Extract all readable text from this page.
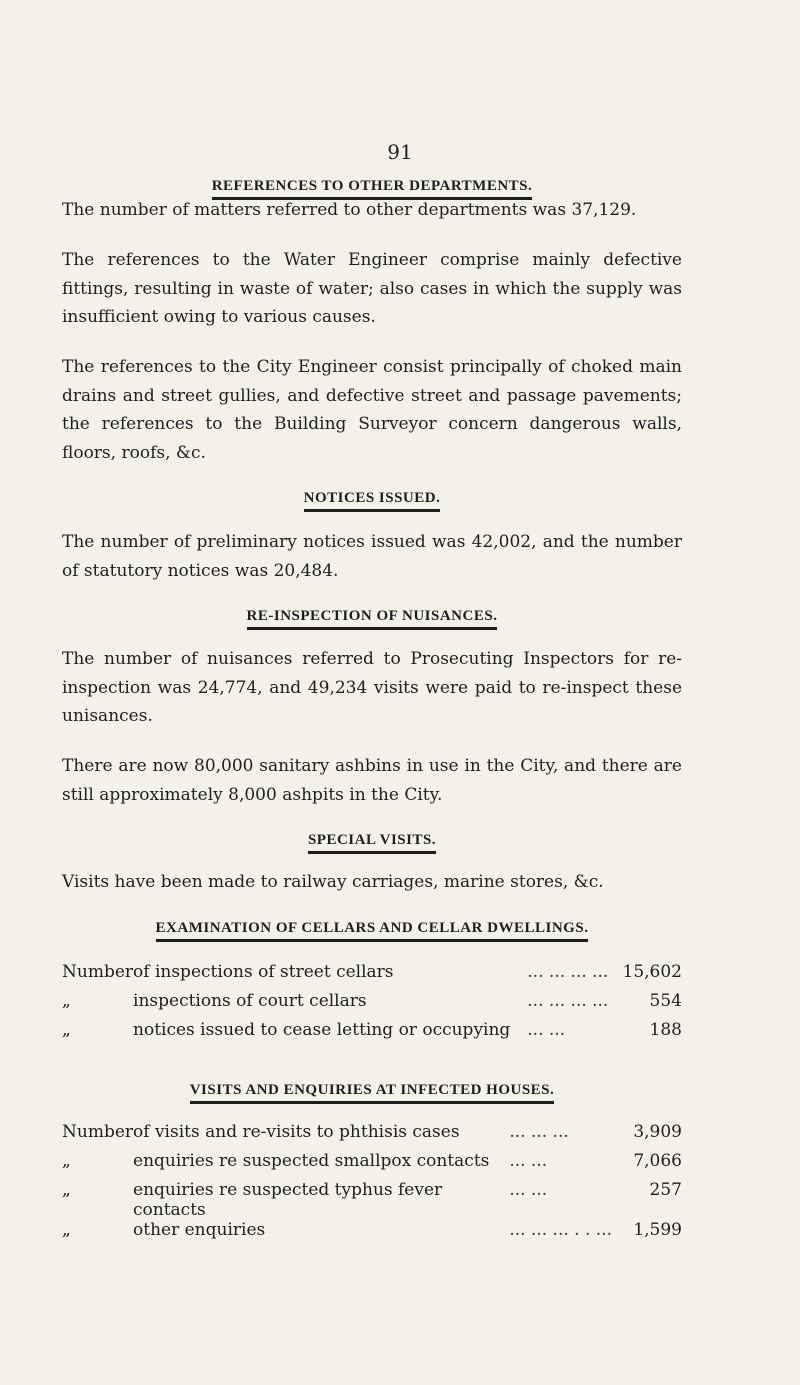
91
REFERENCES TO OTHER DEPARTMENTS.

The number of matters referred to other departments was 37,129.

The references to the Water Engineer comprise mainly defective fittings, resulting in waste of water; also cases in which the supply was insufficient owing to various causes.

The references to the City Engineer consist principally of choked main drains and street gullies, and defective street and passage pavements; the references to the Building Surveyor concern dangerous walls, floors, roofs, &c.

NOTICES ISSUED.

The number of preliminary notices issued was 42,002, and the number of statutory notices was 20,484.

RE-INSPECTION OF NUISANCES.

The number of nuisances referred to Prosecuting Inspectors for re-inspection was 24,774, and 49,234 visits were paid to re-inspect these unisances.

There are now 80,000 sanitary ashbins in use in the City, and there are still approximately 8,000 ashpits in the City.

SPECIAL VISITS.

Visits have been made to railway carriages, marine stores, &c.

EXAMINATION OF CELLARS AND CELLAR DWELLINGS.
Number	of inspections of street cellars	... ... ... ...	15,602
„	inspections of court cellars	... ... ... ...	554
„	notices issued to cease letting or occupying	... ...	188
VISITS AND ENQUIRIES AT INFECTED HOUSES.
Number	of visits and re-visits to phthisis cases	... ... ...	3,909
„	enquiries re suspected smallpox contacts	... ...	7,066
„	enquiries re suspected typhus fever contacts	... ...	257
„	other enquiries	... ... ... . . ...	1,599
